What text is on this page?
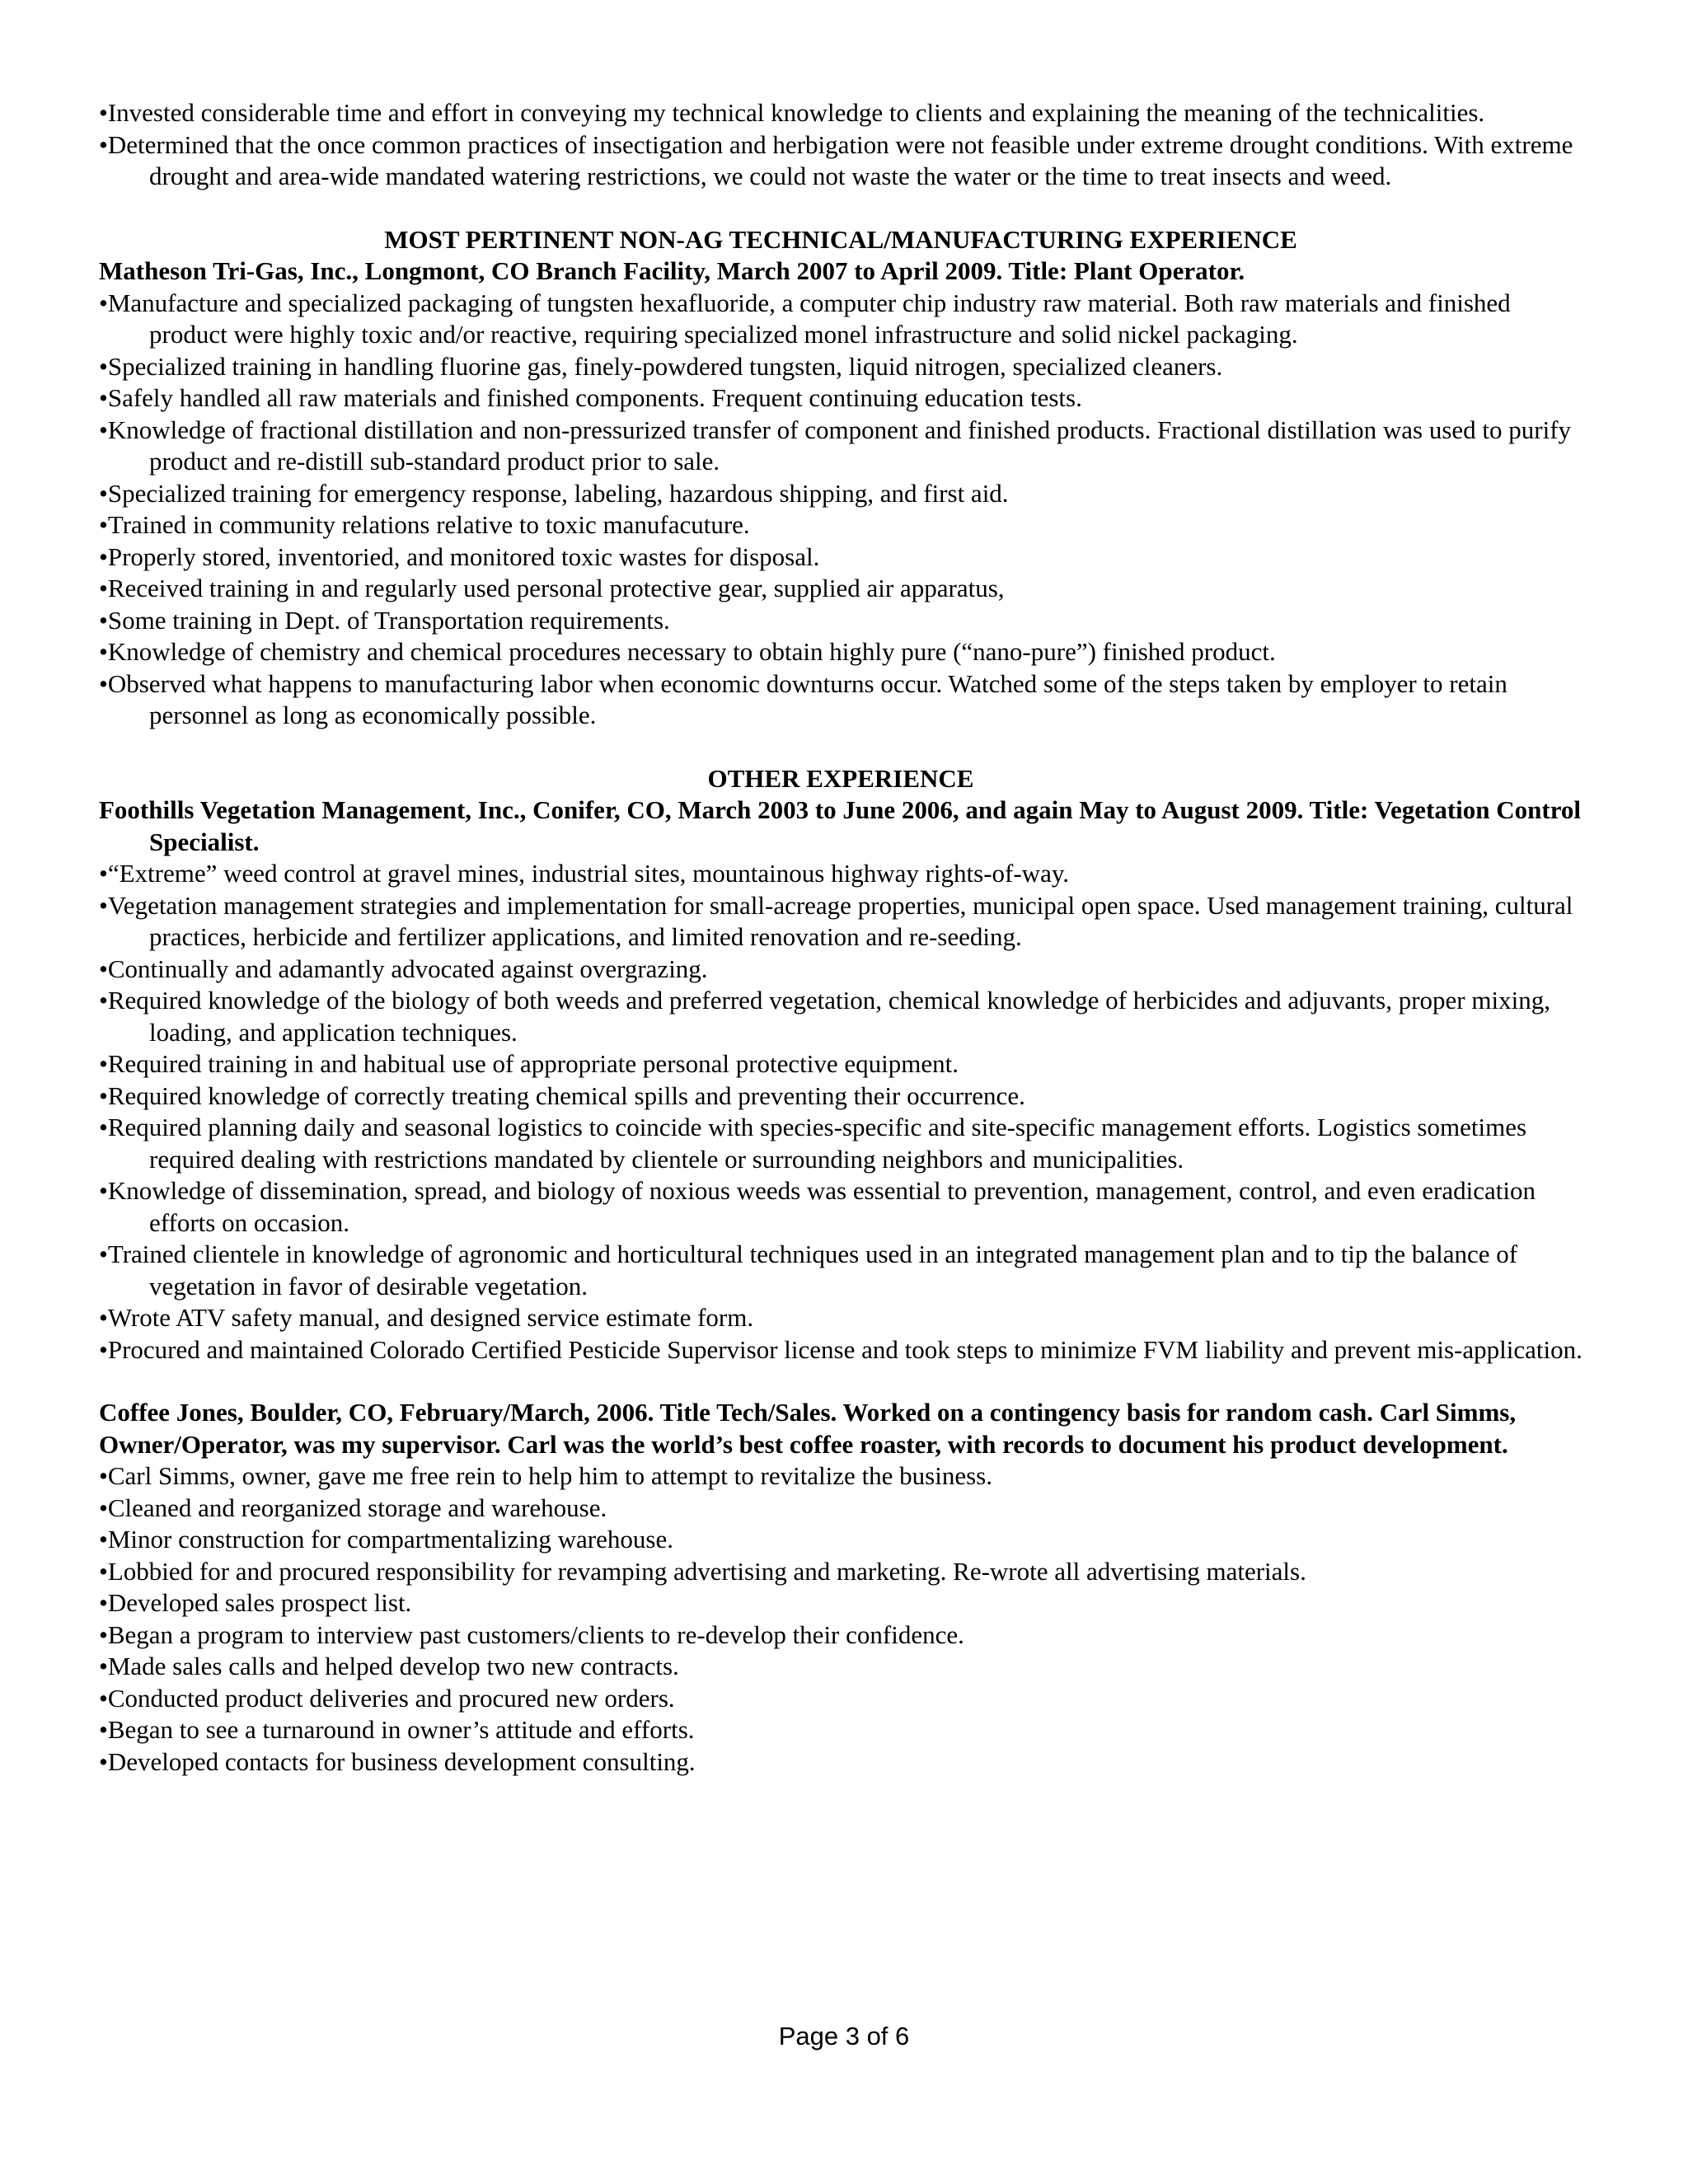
•Invested considerable time and effort in conveying my technical knowledge to clients and explaining the meaning of the technicalities.
•Determined that the once common practices of insectigation and herbigation were not feasible under extreme drought conditions. With extreme drought and area-wide mandated watering restrictions, we could not waste the water or the time to treat insects and weed.
MOST PERTINENT NON-AG TECHNICAL/MANUFACTURING EXPERIENCE
Matheson Tri-Gas, Inc., Longmont, CO Branch Facility, March 2007 to April 2009. Title: Plant Operator.
•Manufacture and specialized packaging of tungsten hexafluoride, a computer chip industry raw material. Both raw materials and finished product were highly toxic and/or reactive, requiring specialized monel infrastructure and solid nickel packaging.
•Specialized training in handling fluorine gas, finely-powdered tungsten, liquid nitrogen, specialized cleaners.
•Safely handled all raw materials and finished components. Frequent continuing education tests.
•Knowledge of fractional distillation and non-pressurized transfer of component and finished products. Fractional distillation was used to purify product and re-distill sub-standard product prior to sale.
•Specialized training for emergency response, labeling, hazardous shipping, and first aid.
•Trained in community relations relative to toxic manufacuture.
•Properly stored, inventoried, and monitored toxic wastes for disposal.
•Received training in and regularly used personal protective gear, supplied air apparatus,
•Some training in Dept. of Transportation requirements.
•Knowledge of chemistry and chemical procedures necessary to obtain highly pure (“nano-pure”) finished product.
•Observed what happens to manufacturing labor when economic downturns occur. Watched some of the steps taken by employer to retain personnel as long as economically possible.
OTHER EXPERIENCE
Foothills Vegetation Management, Inc., Conifer, CO, March 2003 to June 2006, and again May to August 2009. Title: Vegetation Control Specialist.
•“Extreme” weed control at gravel mines, industrial sites, mountainous highway rights-of-way.
•Vegetation management strategies and implementation for small-acreage properties, municipal open space. Used management training, cultural practices, herbicide and fertilizer applications, and limited renovation and re-seeding.
•Continually and adamantly advocated against overgrazing.
•Required knowledge of the biology of both weeds and preferred vegetation, chemical knowledge of herbicides and adjuvants, proper mixing, loading, and application techniques.
•Required training in and habitual use of appropriate personal protective equipment.
•Required knowledge of correctly treating chemical spills and preventing their occurrence.
•Required planning daily and seasonal logistics to coincide with species-specific and site-specific management efforts. Logistics sometimes required dealing with restrictions mandated by clientele or surrounding neighbors and municipalities.
•Knowledge of dissemination, spread, and biology of noxious weeds was essential to prevention, management, control, and even eradication efforts on occasion.
•Trained clientele in knowledge of agronomic and horticultural techniques used in an integrated management plan and to tip the balance of vegetation in favor of desirable vegetation.
•Wrote ATV safety manual, and designed service estimate form.
•Procured and maintained Colorado Certified Pesticide Supervisor license and took steps to minimize FVM liability and prevent mis-application.
Coffee Jones, Boulder, CO, February/March, 2006. Title Tech/Sales. Worked on a contingency basis for random cash. Carl Simms, Owner/Operator, was my supervisor. Carl was the world’s best coffee roaster, with records to document his product development.
•Carl Simms, owner, gave me free rein to help him to attempt to revitalize the business.
•Cleaned and reorganized storage and warehouse.
•Minor construction for compartmentalizing warehouse.
•Lobbied for and procured responsibility for revamping advertising and marketing. Re-wrote all advertising materials.
•Developed sales prospect list.
•Began a program to interview past customers/clients to re-develop their confidence.
•Made sales calls and helped develop two new contracts.
•Conducted product deliveries and procured new orders.
•Began to see a turnaround in owner’s attitude and efforts.
•Developed contacts for business development consulting.
Page 3 of 6
